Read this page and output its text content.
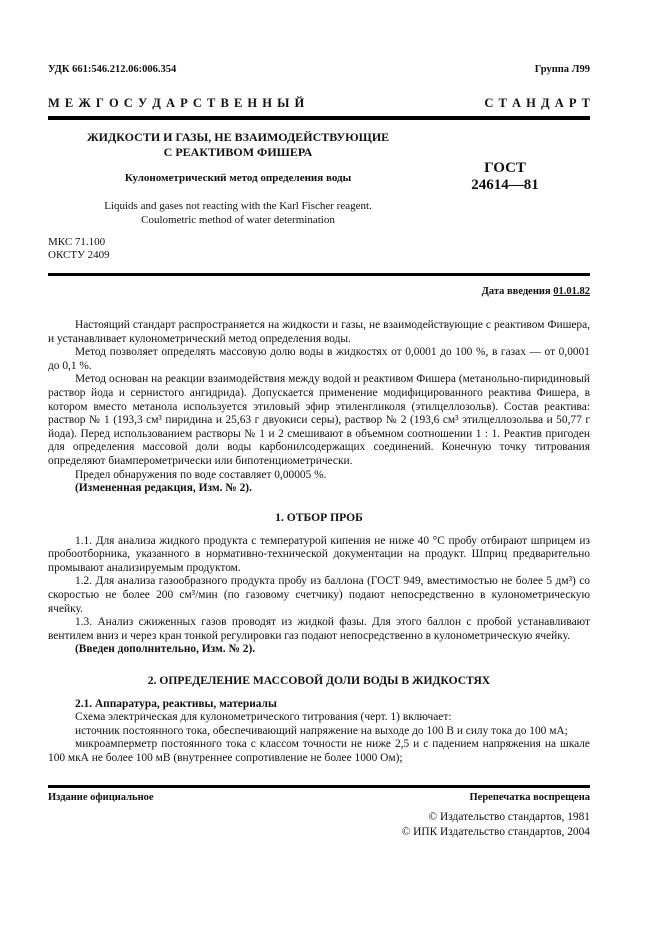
УДК 661:546.212.06:006.354	Группа Л99
М Е Ж Г О С У Д А Р С Т В Е Н Н Ы Й	С Т А Н Д А Р Т
ЖИДКОСТИ И ГАЗЫ, НЕ ВЗАИМОДЕЙСТВУЮЩИЕ
С РЕАКТИВОМ ФИШЕРА
Кулонометрический метод определения воды
Liquids and gases not reacting with the Karl Fischer reagent.
Coulometric method of water determination
ГОСТ
24614—81
МКС 71.100
ОКСТУ 2409
Дата введения 01.01.82

Настоящий стандарт распространяется на жидкости и газы, не взаимодействующие с реактивом Фишера, и устанавливает кулонометрический метод определения воды.

Метод позволяет определять массовую долю воды в жидкостях от 0,0001 до 100 %, в газах — от 0,0001 до 0,1 %.

Метод основан на реакции взаимодействия между водой и реактивом Фишера (метанольно-пиридиновый раствор йода и сернистого ангидрида). Допускается применение модифицированного реактива Фишера, в котором вместо метанола используется этиловый эфир этиленгликоля (этилцеллозольв). Состав реактива: раствор № 1 (193,3 см³ пиридина и 25,63 г двуокиси серы), раствор № 2 (193,6 см³ этилцеллозольва и 50,77 г йода). Перед использованием растворы № 1 и 2 смешивают в объемном соотношении 1 : 1. Реактив пригоден для определения массовой доли воды карбонилсодержащих соединений. Конечную точку титрования определяют биамперометрически или бипотенциометрически.

Предел обнаружения по воде составляет 0,00005 %.

(Измененная редакция, Изм. № 2).

1. ОТБОР ПРОБ

1.1. Для анализа жидкого продукта с температурой кипения не ниже 40 °С пробу отбирают шприцем из пробоотборника, указанного в нормативно-технической документации на продукт. Шприц предварительно промывают анализируемым продуктом.

1.2. Для анализа газообразного продукта пробу из баллона (ГОСТ 949, вместимостью не более 5 дм³) со скоростью не более 200 см³/мин (по газовому счетчику) подают непосредственно в кулонометрическую ячейку.

1.3. Анализ сжиженных газов проводят из жидкой фазы. Для этого баллон с пробой устанавливают вентилем вниз и через кран тонкой регулировки газ подают непосредственно в кулонометрическую ячейку.

(Введен дополнительно, Изм. № 2).

2. ОПРЕДЕЛЕНИЕ МАССОВОЙ ДОЛИ ВОДЫ В ЖИДКОСТЯХ

2.1. Аппаратура, реактивы, материалы

Схема электрическая для кулонометрического титрования (черт. 1) включает:

источник постоянного тока, обеспечивающий напряжение на выходе до 100 В и силу тока до 100 мА;

микроамперметр постоянного тока с классом точности не ниже 2,5 и с падением напряжения на шкале 100 мкА не более 100 мВ (внутреннее сопротивление не более 1000 Ом);

Издание официальное	Перепечатка воспрещена
© Издательство стандартов, 1981
© ИПК Издательство стандартов, 2004
